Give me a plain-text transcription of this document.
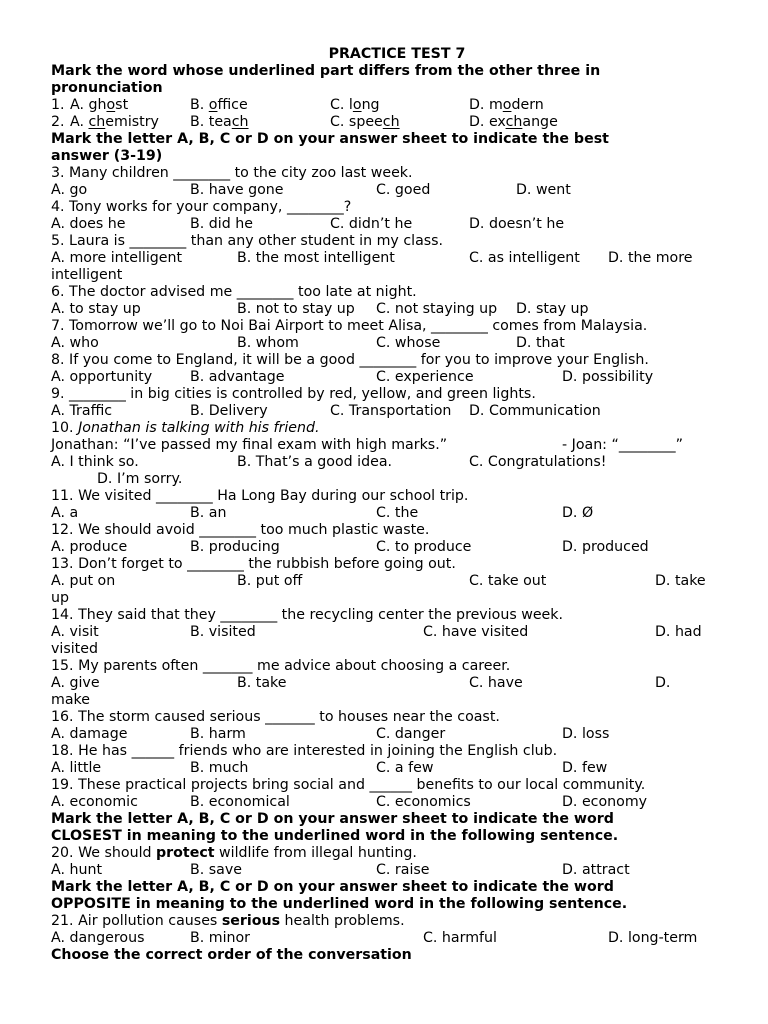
PRACTICE TEST 7
Mark the word whose underlined part differs from the other three in
pronunciation
1. A. ghost	B. office	C. long	D. modern
2. A. chemistry B. teach	C. speech	D. exchange
Mark the letter A, B, C or D on your answer sheet to indicate the best
answer (3-19)
3. Many children ________ to the city zoo last week.
A. go	B. have gone	C. goed	D. went
4. Tony works for your company, ________?
A. does he	B. did he	C. didn’t he	D. doesn’t he
5. Laura is ________ than any other student in my class.
A. more intelligent	B. the most intelligent	C. as intelligent D. the more
intelligent
6. The doctor advised me ________ too late at night.
A. to stay up	B. not to stay up C. not staying up D. stay up
7. Tomorrow we’ll go to Noi Bai Airport to meet Alisa, ________ comes from Malaysia.
A. who	B. whom	C. whose	D. that
8. If you come to England, it will be a good ________ for you to improve your English.
A. opportunity	B. advantage	C. experience	D. possibility
9. ________ in big cities is controlled by red, yellow, and green lights.
A. Traffic	B. Delivery	C. Transportation D. Communication
10. Jonathan is talking with his friend.
Jonathan: “I’ve passed my final exam with high marks.”	- Joan: “________”
A. I think so.	B. That’s a good idea.	C. Congratulations!
D. I’m sorry.
11. We visited ________ Ha Long Bay during our school trip.
A. a	B. an	C. the	D. Ø
12. We should avoid ________ too much plastic waste.
A. produce	B. producing	C. to produce	D. produced
13. Don’t forget to ________ the rubbish before going out.
A. put on	B. put off	C. take out	D. take
up
14. They said that they ________ the recycling center the previous week.
A. visit	B. visited	C. have visited	D. had
visited
15. My parents often _______ me advice about choosing a career.
A. give	B. take	C. have	D.
make
16. The storm caused serious _______ to houses near the coast.
A. damage	B. harm	C. danger	D. loss
18. He has ______ friends who are interested in joining the English club.
A. little	B. much	C. a few	D. few
19. These practical projects bring social and ______ benefits to our local community.
A. economic	B. economical	C. economics	D. economy
Mark the letter A, B, C or D on your answer sheet to indicate the word
CLOSEST in meaning to the underlined word in the following sentence.
20. We should protect wildlife from illegal hunting.
A. hunt	B. save	C. raise	D. attract
Mark the letter A, B, C or D on your answer sheet to indicate the word
OPPOSITE in meaning to the underlined word in the following sentence.
21. Air pollution causes serious health problems.
A. dangerous	B. minor	C. harmful	D. long-term
Choose the correct order of the conversation
